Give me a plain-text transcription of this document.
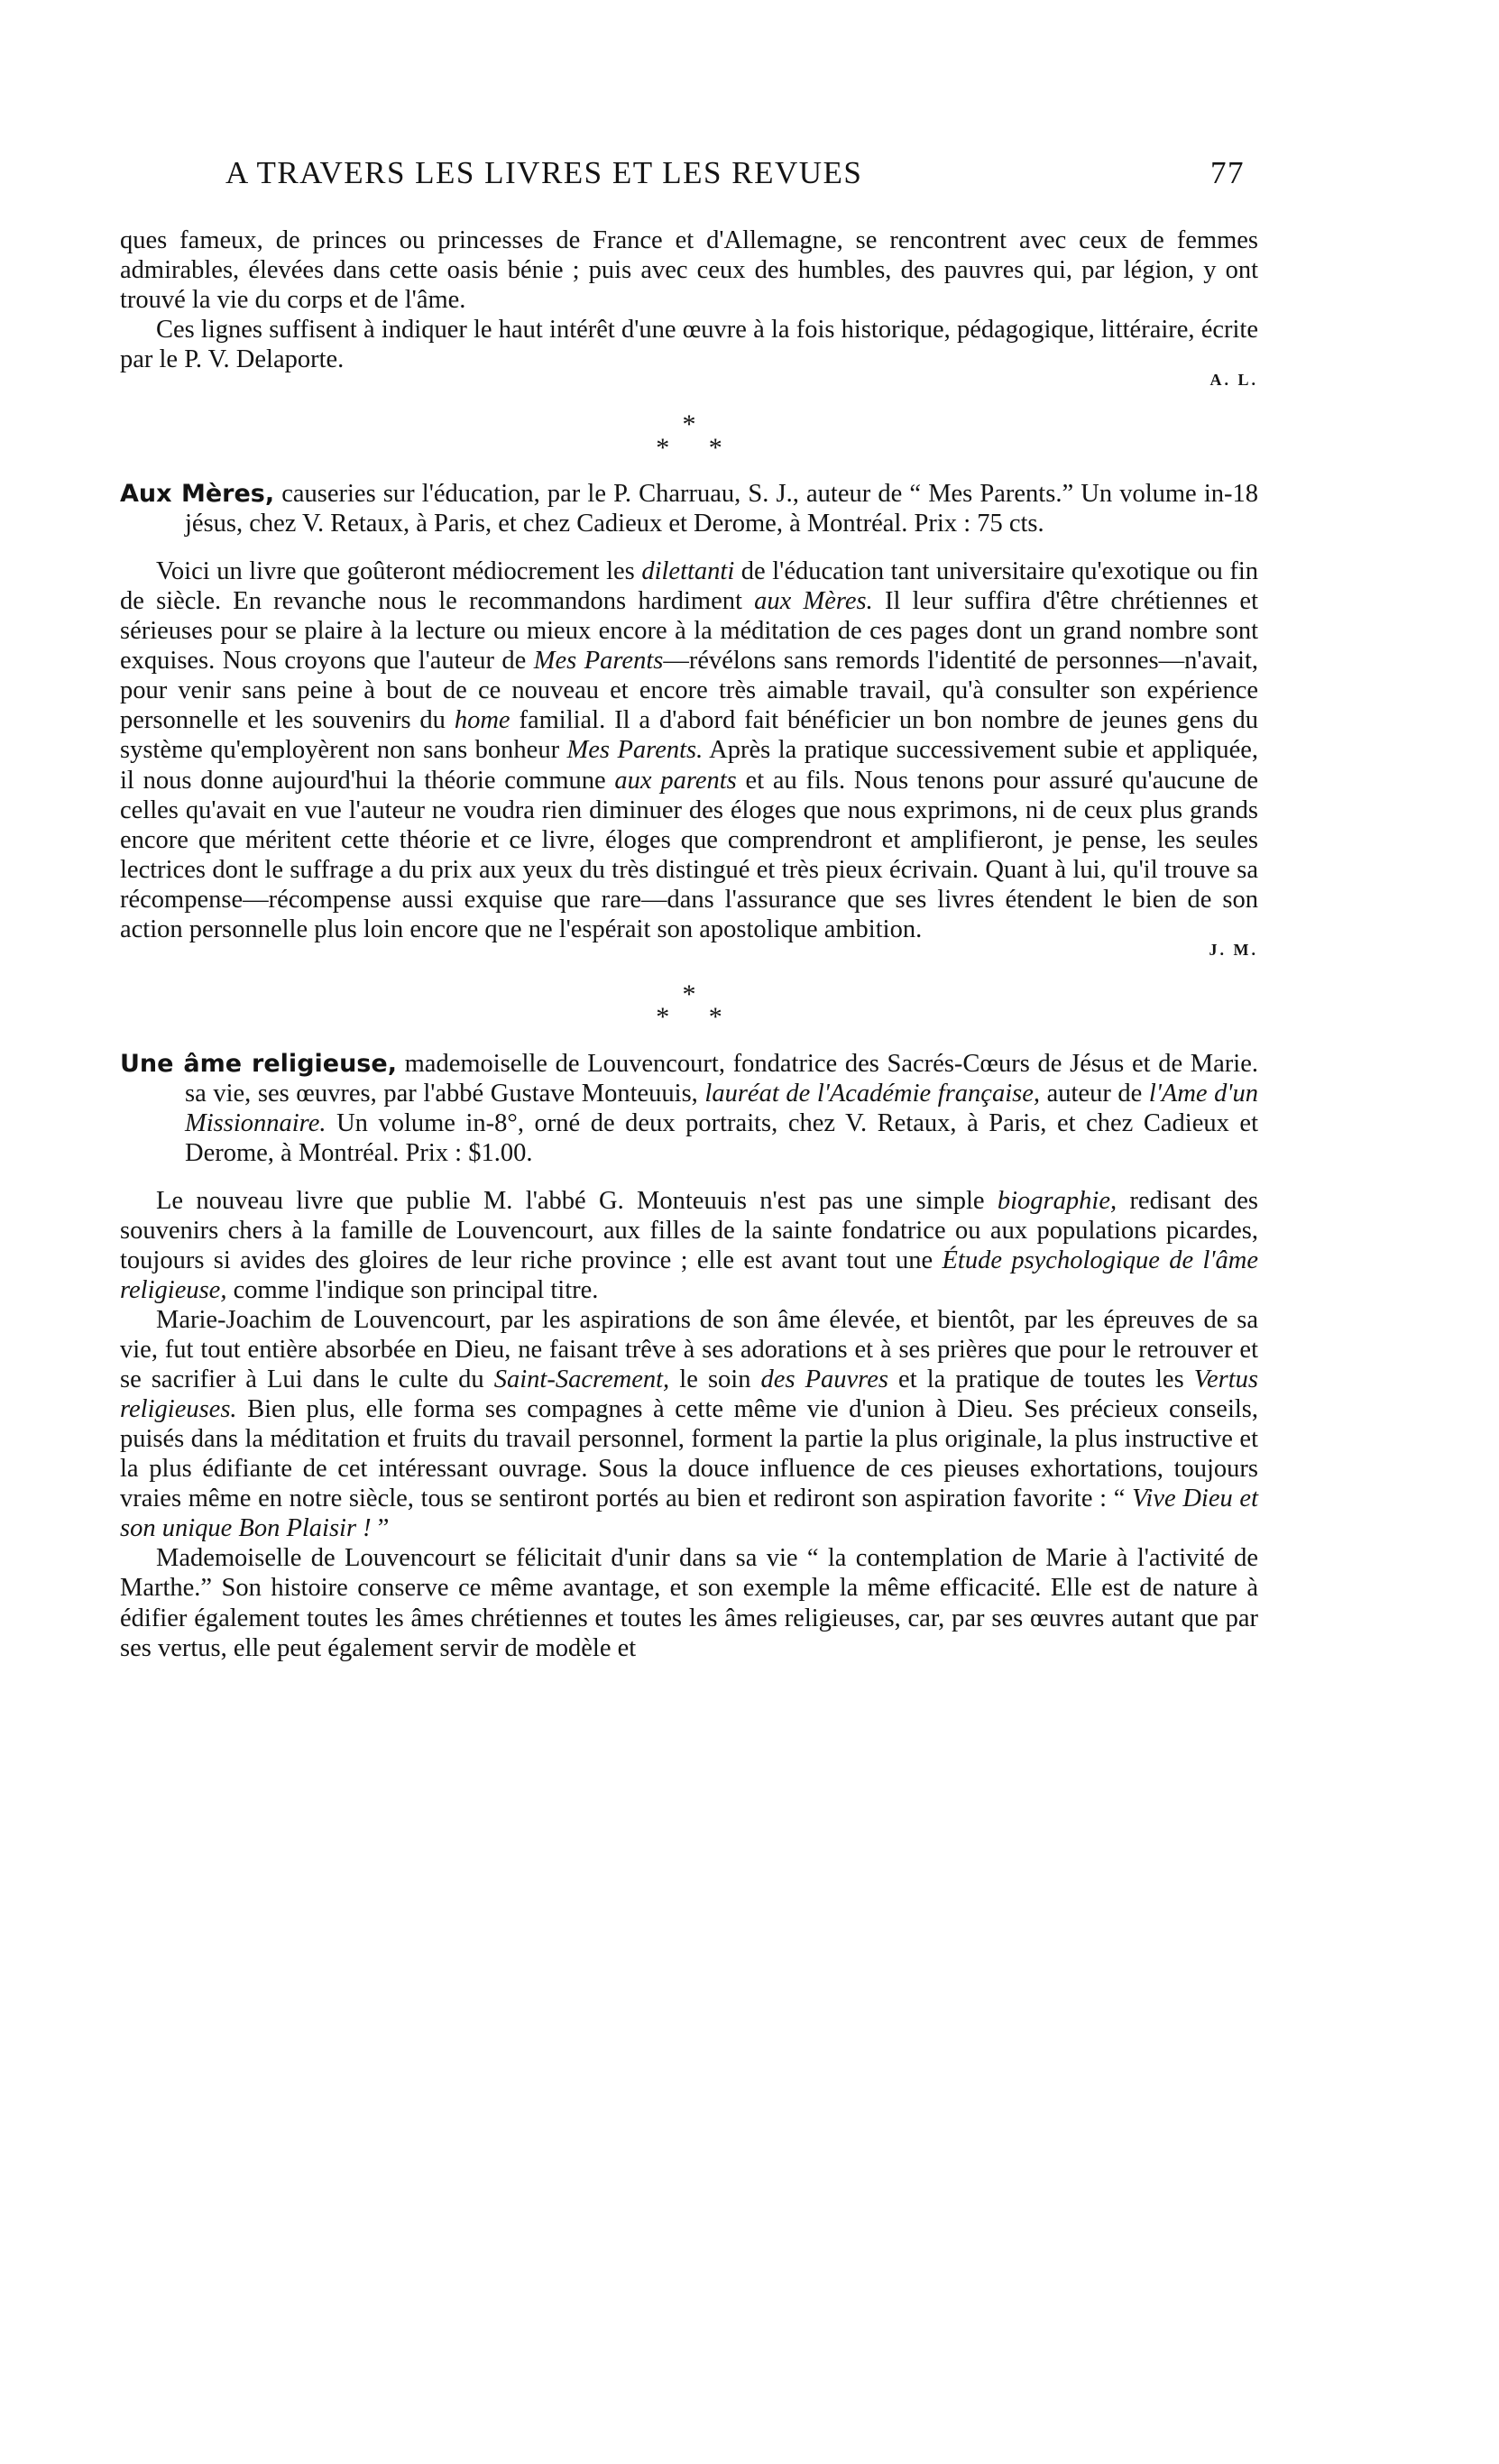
A TRAVERS LES LIVRES ET LES REVUES	77

ques fameux, de princes ou princesses de France et d'Allemagne, se rencontrent avec ceux de femmes admirables, élevées dans cette oasis bénie ; puis avec ceux des humbles, des pauvres qui, par légion, y ont trouvé la vie du corps et de l'âme.

Ces lignes suffisent à indiquer le haut intérêt d'une œuvre à la fois historique, pédagogique, littéraire, écrite par le P. V. Delaporte.

A. L.
*
* *

Aux Mères, causeries sur l'éducation, par le P. Charruau, S. J., auteur de “ Mes Parents.” Un volume in-18 jésus, chez V. Retaux, à Paris, et chez Cadieux et Derome, à Montréal. Prix : 75 cts.

Voici un livre que goûteront médiocrement les dilettanti de l'éducation tant universitaire qu'exotique ou fin de siècle. En revanche nous le recommandons hardiment aux Mères. Il leur suffira d'être chrétiennes et sérieuses pour se plaire à la lecture ou mieux encore à la méditation de ces pages dont un grand nombre sont exquises. Nous croyons que l'auteur de Mes Parents—révélons sans remords l'identité de personnes—n'avait, pour venir sans peine à bout de ce nouveau et encore très aimable travail, qu'à consulter son expérience personnelle et les souvenirs du home familial. Il a d'abord fait bénéficier un bon nombre de jeunes gens du système qu'employèrent non sans bonheur Mes Parents. Après la pratique successivement subie et appliquée, il nous donne aujourd'hui la théorie commune aux parents et au fils. Nous tenons pour assuré qu'aucune de celles qu'avait en vue l'auteur ne voudra rien diminuer des éloges que nous exprimons, ni de ceux plus grands encore que méritent cette théorie et ce livre, éloges que comprendront et amplifieront, je pense, les seules lectrices dont le suffrage a du prix aux yeux du très distingué et très pieux écrivain. Quant à lui, qu'il trouve sa récompense—récompense aussi exquise que rare—dans l'assurance que ses livres étendent le bien de son action personnelle plus loin encore que ne l'espérait son apostolique ambition.

J. M.
*
* *

Une âme religieuse, mademoiselle de Louvencourt, fondatrice des Sacrés-Cœurs de Jésus et de Marie. sa vie, ses œuvres, par l'abbé Gustave Monteuuis, lauréat de l'Académie française, auteur de l'Ame d'un Missionnaire. Un volume in-8°, orné de deux portraits, chez V. Retaux, à Paris, et chez Cadieux et Derome, à Montréal. Prix : $1.00.

Le nouveau livre que publie M. l'abbé G. Monteuuis n'est pas une simple biographie, redisant des souvenirs chers à la famille de Louvencourt, aux filles de la sainte fondatrice ou aux populations picardes, toujours si avides des gloires de leur riche province ; elle est avant tout une Étude psychologique de l'âme religieuse, comme l'indique son principal titre.

Marie-Joachim de Louvencourt, par les aspirations de son âme élevée, et bientôt, par les épreuves de sa vie, fut tout entière absorbée en Dieu, ne faisant trêve à ses adorations et à ses prières que pour le retrouver et se sacrifier à Lui dans le culte du Saint-Sacrement, le soin des Pauvres et la pratique de toutes les Vertus religieuses. Bien plus, elle forma ses compagnes à cette même vie d'union à Dieu. Ses précieux conseils, puisés dans la méditation et fruits du travail personnel, forment la partie la plus originale, la plus instructive et la plus édifiante de cet intéressant ouvrage. Sous la douce influence de ces pieuses exhortations, toujours vraies même en notre siècle, tous se sentiront portés au bien et rediront son aspiration favorite : “ Vive Dieu et son unique Bon Plaisir ! ”

Mademoiselle de Louvencourt se félicitait d'unir dans sa vie “ la contemplation de Marie à l'activité de Marthe.” Son histoire conserve ce même avantage, et son exemple la même efficacité. Elle est de nature à édifier également toutes les âmes chrétiennes et toutes les âmes religieuses, car, par ses œuvres autant que par ses vertus, elle peut également servir de modèle et
